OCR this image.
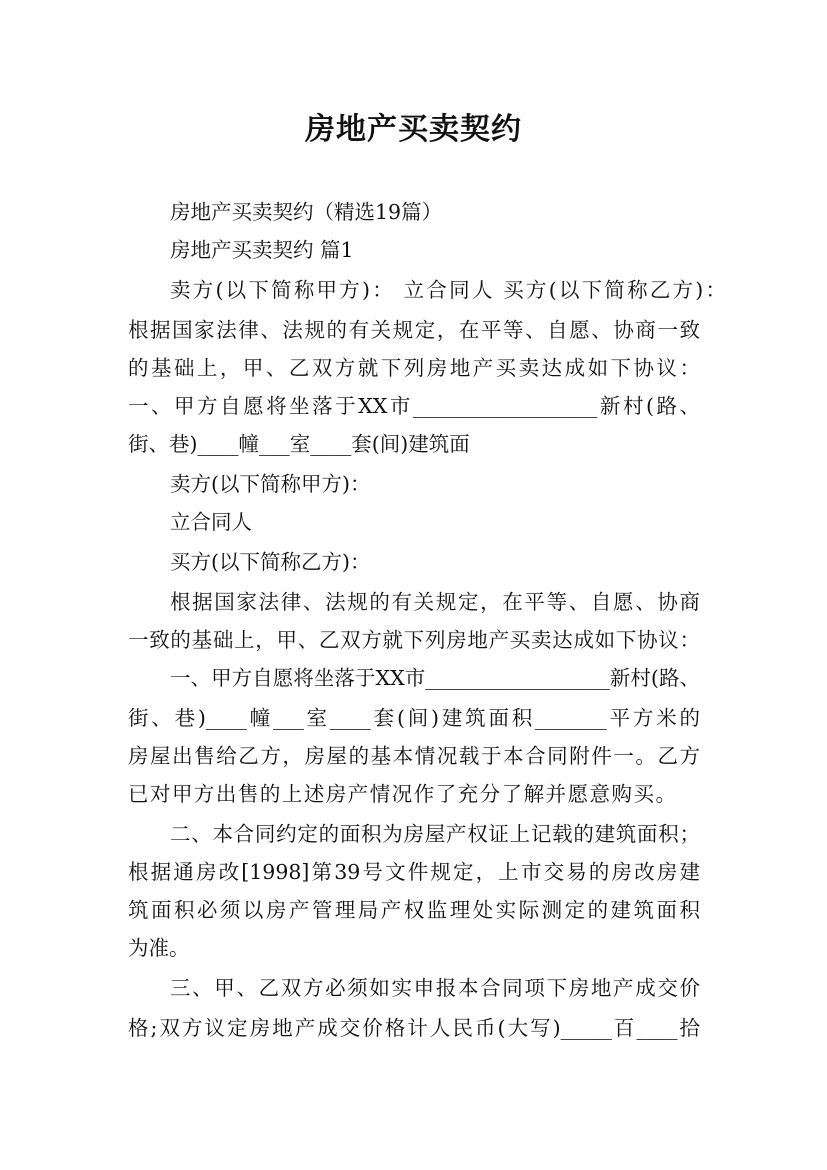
房地产买卖契约
房地产买卖契约（精选19篇）
房地产买卖契约 篇1
卖方(以下简称甲方)： 立合同人 买方(以下简称乙方)：
根据国家法律、法规的有关规定，在平等、自愿、协商一致
的基础上，甲、乙双方就下列房地产买卖达成如下协议：
一、甲方自愿将坐落于XX市__________________新村(路、
街、巷)____幢___室____套(间)建筑面
卖方(以下简称甲方)：
立合同人
买方(以下简称乙方)：
根据国家法律、法规的有关规定，在平等、自愿、协商
一致的基础上，甲、乙双方就下列房地产买卖达成如下协议：
一、甲方自愿将坐落于XX市__________________新村(路、
街、巷)____幢___室____套(间)建筑面积_______平方米的
房屋出售给乙方，房屋的基本情况载于本合同附件一。乙方
已对甲方出售的上述房产情况作了充分了解并愿意购买。
二、本合同约定的面积为房屋产权证上记载的建筑面积；
根据通房改[1998]第39号文件规定，上市交易的房改房建
筑面积必须以房产管理局产权监理处实际测定的建筑面积
为准。
三、甲、乙双方必须如实申报本合同项下房地产成交价
格;双方议定房地产成交价格计人民币(大写)_____百____拾
